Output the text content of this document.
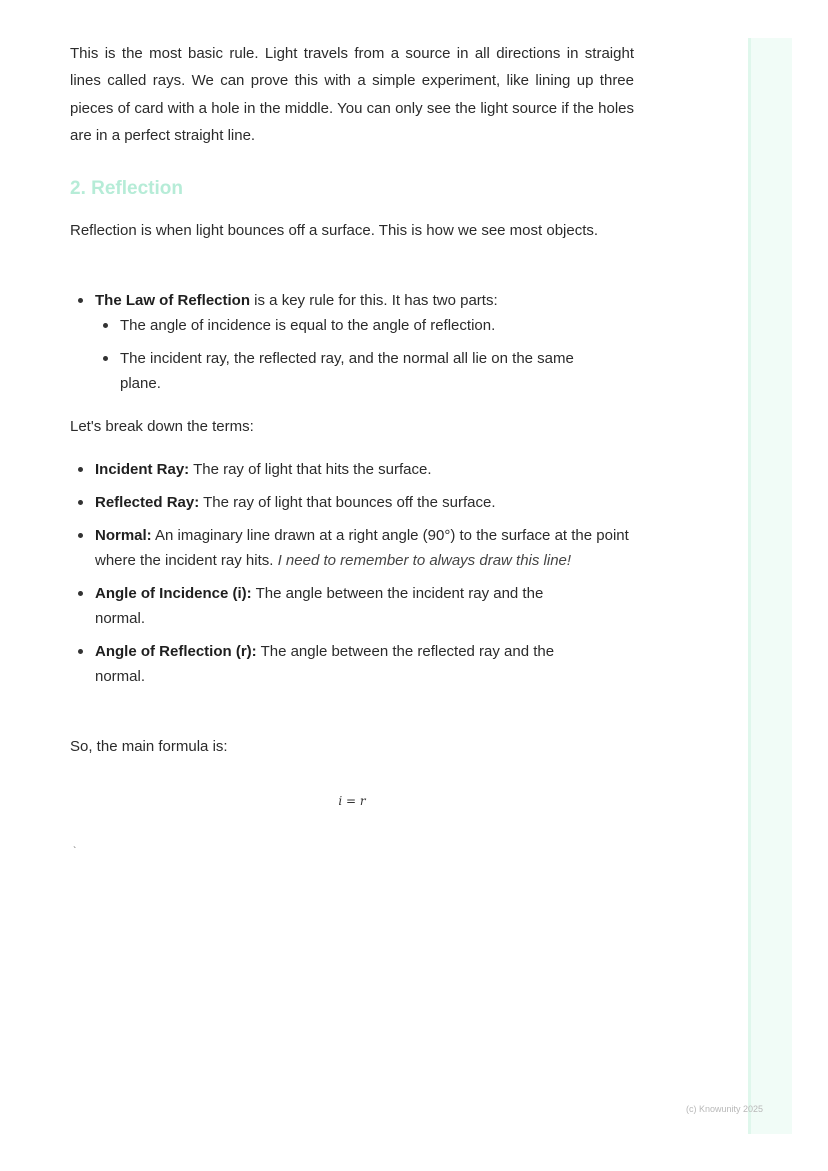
This is the most basic rule. Light travels from a source in all directions in straight lines called rays. We can prove this with a simple experiment, like lining up three pieces of card with a hole in the middle. You can only see the light source if the holes are in a perfect straight line.

2. Reflection

Reflection is when light bounces off a surface. This is how we see most objects.

The Law of Reflection is a key rule for this. It has two parts:
The angle of incidence is equal to the angle of reflection.
The incident ray, the reflected ray, and the normal all lie on the same plane.

Let's break down the terms:

Incident Ray: The ray of light that hits the surface.
Reflected Ray: The ray of light that bounces off the surface.
Normal: An imaginary line drawn at a right angle (90°) to the surface at the point where the incident ray hits. I need to remember to always draw this line!
Angle of Incidence (i): The angle between the incident ray and the normal.
Angle of Reflection (r): The angle between the reflected ray and the normal.

So, the main formula is:

i = r
`
(c) Knowunity 2025
